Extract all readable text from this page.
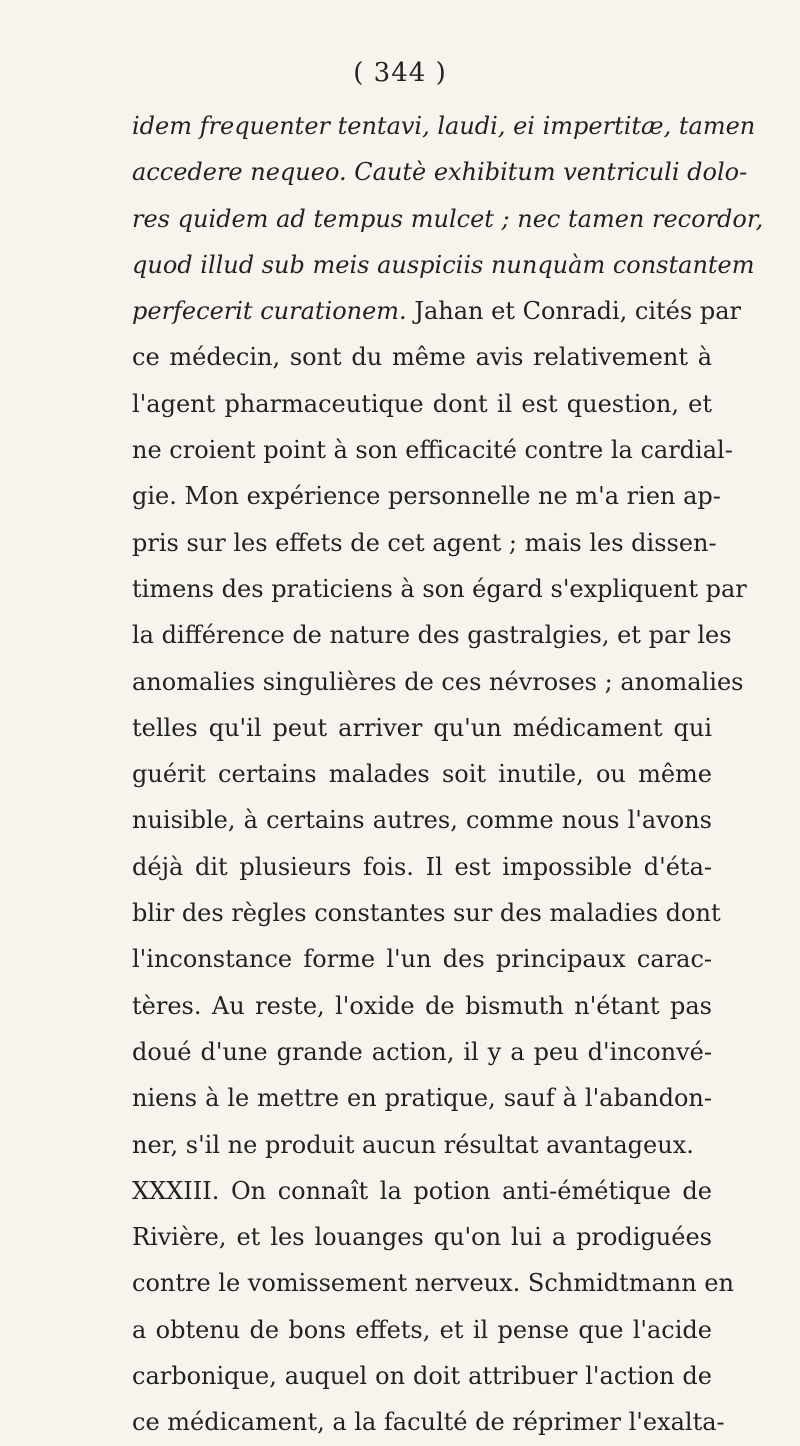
( 344 )
idem frequenter tentavi, laudi, ei impertitæ, tamen
accedere nequeo. Cautè exhibitum ventriculi dolo-
res quidem ad tempus mulcet ; nec tamen recordor,
quod illud sub meis auspiciis nunquàm constantem
perfecerit curationem. Jahan et Conradi, cités par
ce médecin, sont du même avis relativement à
l'agent pharmaceutique dont il est question, et
ne croient point à son efficacité contre la cardial-
gie. Mon expérience personnelle ne m'a rien ap-
pris sur les effets de cet agent ; mais les dissen-
timens des praticiens à son égard s'expliquent par
la différence de nature des gastralgies, et par les
anomalies singulières de ces névroses ; anomalies
telles qu'il peut arriver qu'un médicament qui
guérit certains malades soit inutile, ou même
nuisible, à certains autres, comme nous l'avons
déjà dit plusieurs fois. Il est impossible d'éta-
blir des règles constantes sur des maladies dont
l'inconstance forme l'un des principaux carac-
tères. Au reste, l'oxide de bismuth n'étant pas
doué d'une grande action, il y a peu d'inconvé-
niens à le mettre en pratique, sauf à l'abandon-
ner, s'il ne produit aucun résultat avantageux.
XXXIII. On connaît la potion anti-émétique de
Rivière, et les louanges qu'on lui a prodiguées
contre le vomissement nerveux. Schmidtmann en
a obtenu de bons effets, et il pense que l'acide
carbonique, auquel on doit attribuer l'action de
ce médicament, a la faculté de réprimer l'exalta-
